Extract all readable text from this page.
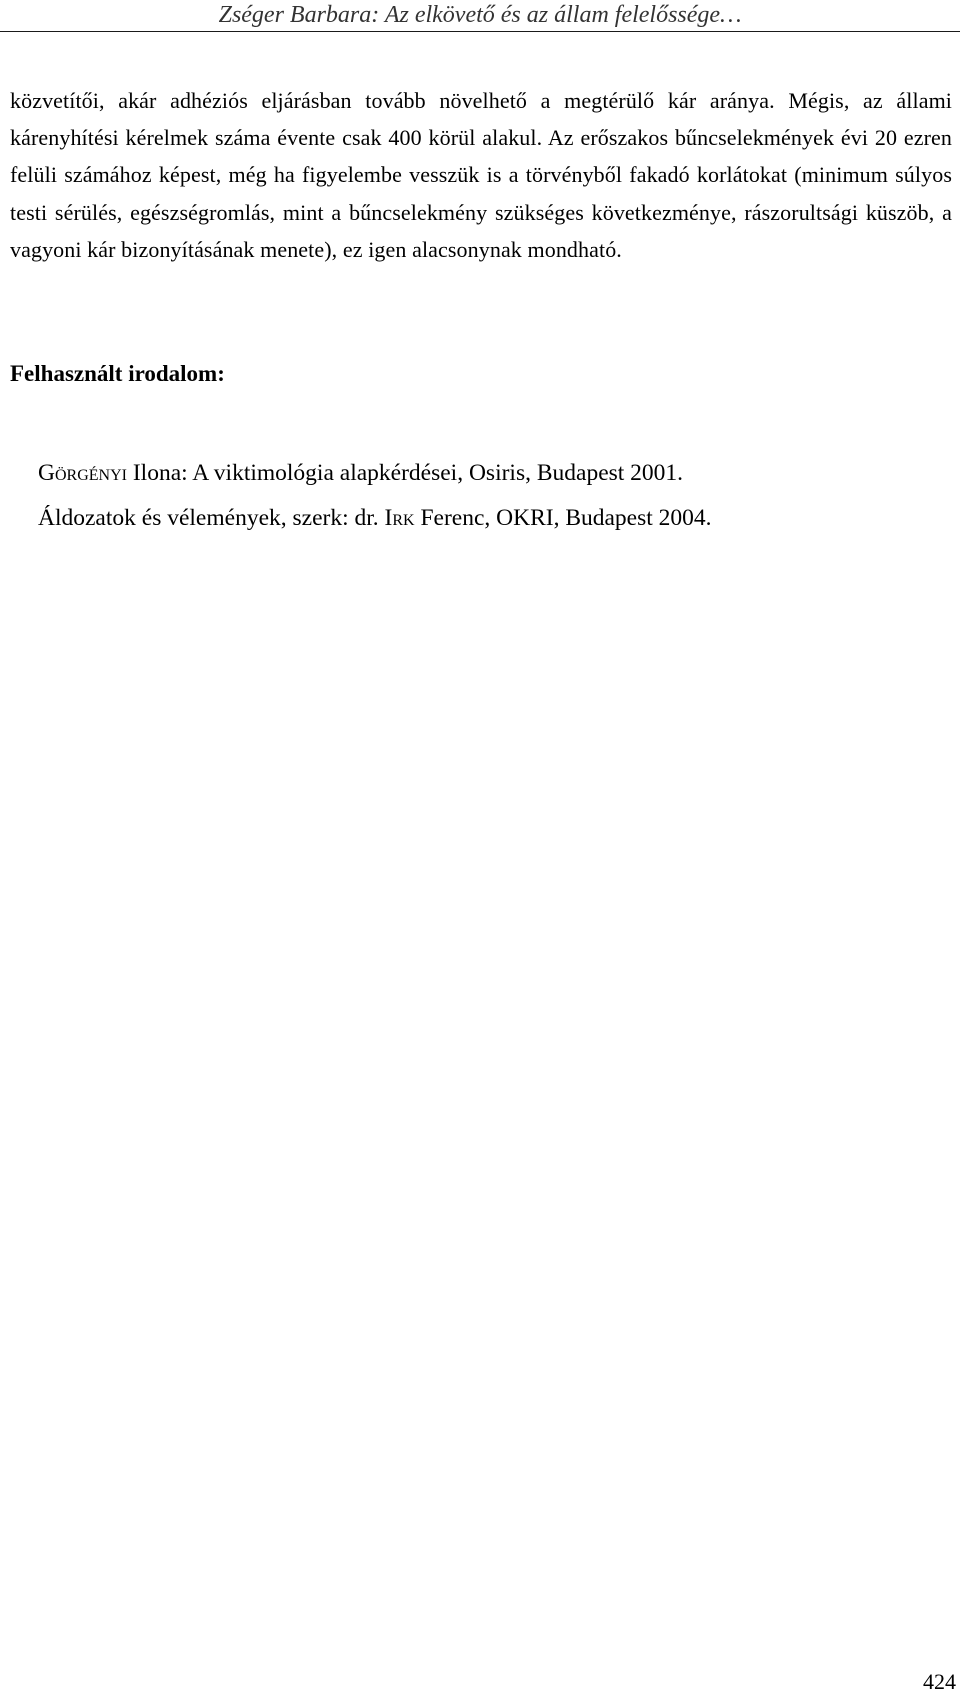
Zséger Barbara: Az elkövető és az állam felelőssége…

közvetítői, akár adhéziós eljárásban tovább növelhető a megtérülő kár aránya. Mégis, az állami kárenyhítési kérelmek száma évente csak 400 körül alakul. Az erőszakos bűncselekmények évi 20 ezren felüli számához képest, még ha figyelembe vesszük is a törvényből fakadó korlátokat (minimum súlyos testi sérülés, egészségromlás, mint a bűncselekmény szükséges következménye, rászorultsági küszöb, a vagyoni kár bizonyításának menete), ez igen alacsonynak mondható.

Felhasznált irodalom:
Görgényi Ilona: A viktimológia alapkérdései, Osiris, Budapest 2001.
Áldozatok és vélemények, szerk: dr. Irk Ferenc, OKRI, Budapest 2004.
424
